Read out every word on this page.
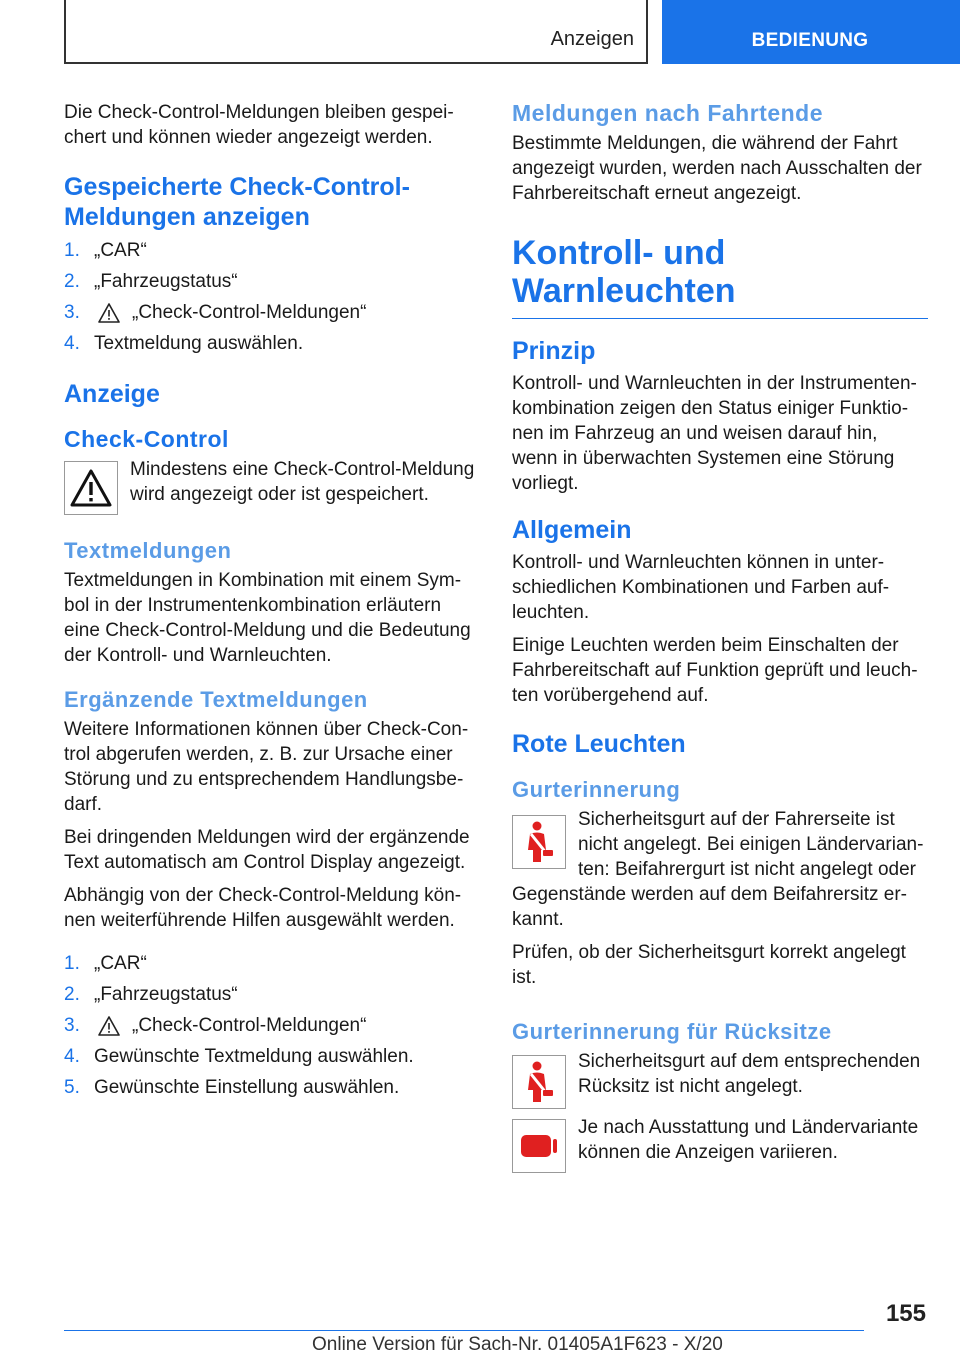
Anzeigen	BEDIENUNG

Die Check-Control-Meldungen bleiben gespeichert und können wieder angezeigt werden.

Gespeicherte Check-Control-Meldungen anzeigen
1. „CAR“
2. „Fahrzeugstatus“
3.	„Check-Control-Meldungen“
4. Textmeldung auswählen.
Anzeige
Check-Control

Mindestens eine Check-Control-Meldung wird angezeigt oder ist gespeichert.

Textmeldungen

Textmeldungen in Kombination mit einem Symbol in der Instrumentenkombination erläutern eine Check-Control-Meldung und die Bedeutung der Kontroll- und Warnleuchten.

Ergänzende Textmeldungen

Weitere Informationen können über Check-Control abgerufen werden, z. B. zur Ursache einer Störung und zu entsprechendem Handlungsbedarf.

Bei dringenden Meldungen wird der ergänzende Text automatisch am Control Display angezeigt.

Abhängig von der Check-Control-Meldung können weiterführende Hilfen ausgewählt werden.

1. „CAR“
2. „Fahrzeugstatus“
3.	„Check-Control-Meldungen“
4. Gewünschte Textmeldung auswählen.
5. Gewünschte Einstellung auswählen.
Meldungen nach Fahrtende

Bestimmte Meldungen, die während der Fahrt angezeigt wurden, werden nach Ausschalten der Fahrbereitschaft erneut angezeigt.

Kontroll- und Warnleuchten
Prinzip

Kontroll- und Warnleuchten in der Instrumentenkombination zeigen den Status einiger Funktionen im Fahrzeug an und weisen darauf hin, wenn in überwachten Systemen eine Störung vorliegt.

Allgemein

Kontroll- und Warnleuchten können in unterschiedlichen Kombinationen und Farben aufleuchten.

Einige Leuchten werden beim Einschalten der Fahrbereitschaft auf Funktion geprüft und leuchten vorübergehend auf.

Rote Leuchten
Gurterinnerung

Sicherheitsgurt auf der Fahrerseite ist nicht angelegt. Bei einigen Ländervarianten: Beifahrergurt ist nicht angelegt oder Gegenstände werden auf dem Beifahrersitz erkannt.

Prüfen, ob der Sicherheitsgurt korrekt angelegt ist.

Gurterinnerung für Rücksitze

Sicherheitsgurt auf dem entsprechenden Rücksitz ist nicht angelegt.

Je nach Ausstattung und Ländervariante können die Anzeigen variieren.

155
Online Version für Sach-Nr. 01405A1F623 - X/20
